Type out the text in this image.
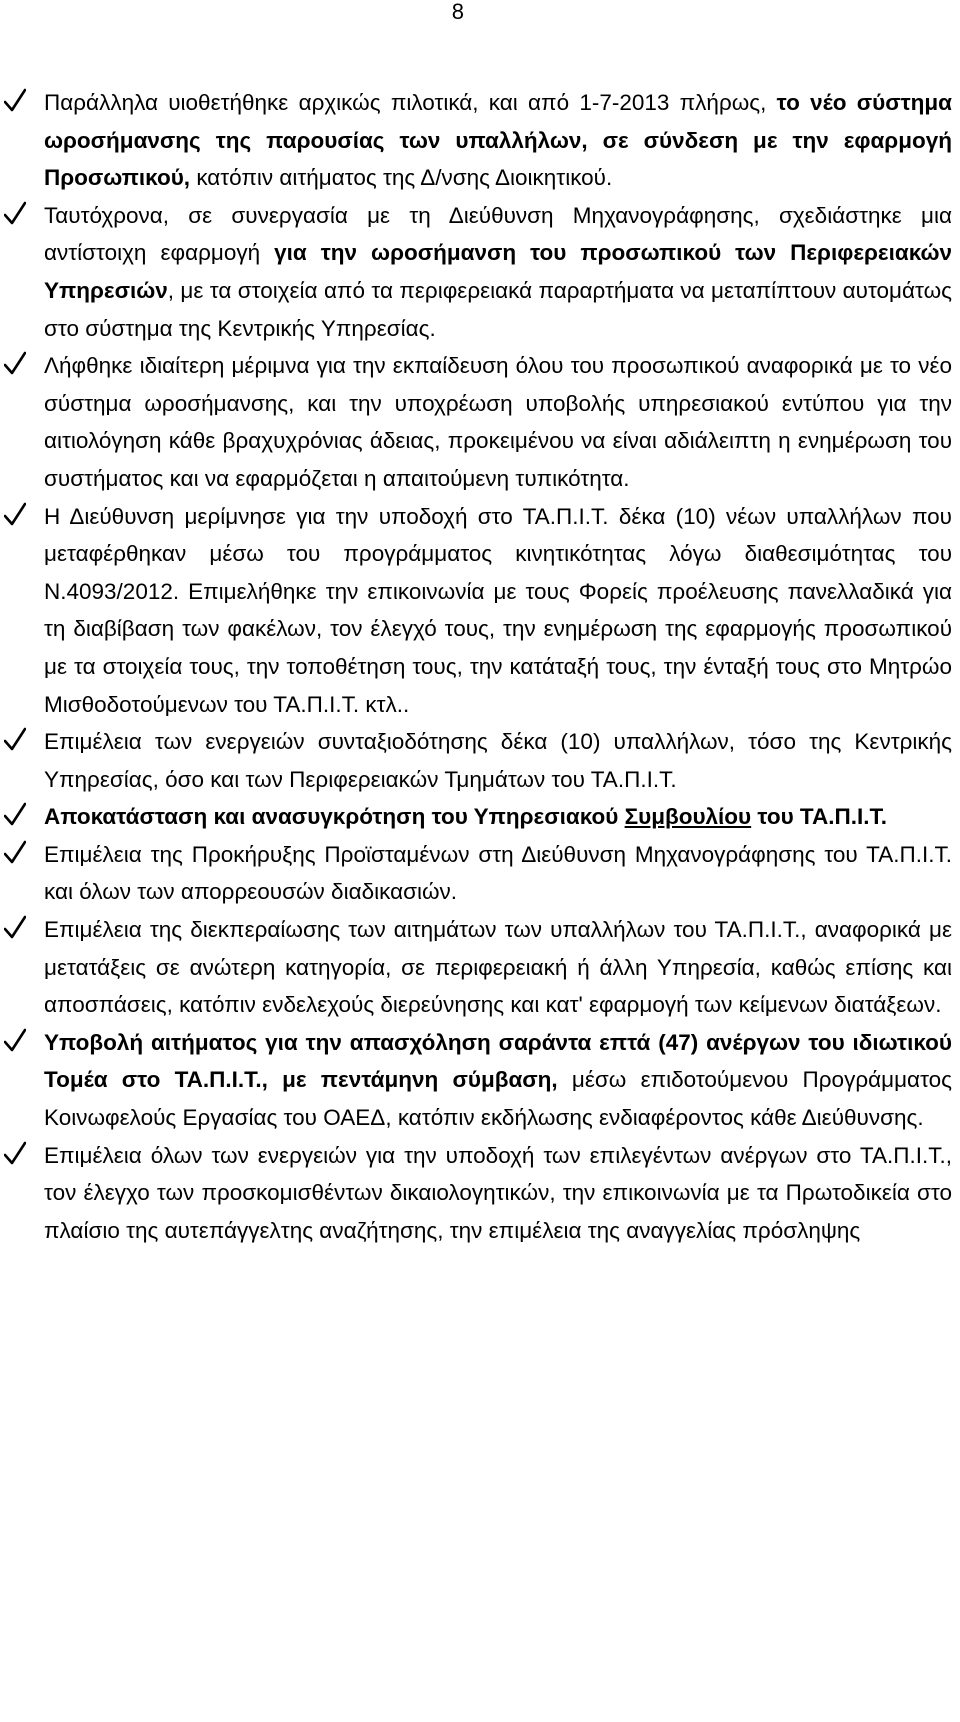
8
Παράλληλα υιοθετήθηκε αρχικώς πιλοτικά, και από 1-7-2013 πλήρως, το νέο σύστημα ωροσήμανσης της παρουσίας των υπαλλήλων, σε σύνδεση με την εφαρμογή Προσωπικού, κατόπιν αιτήματος της Δ/νσης Διοικητικού.
Ταυτόχρονα, σε συνεργασία με τη Διεύθυνση Μηχανογράφησης, σχεδιάστηκε μια αντίστοιχη εφαρμογή για την ωροσήμανση του προσωπικού των Περιφερειακών Υπηρεσιών, με τα στοιχεία από τα περιφερειακά παραρτήματα να μεταπίπτουν αυτομάτως στο σύστημα της Κεντρικής Υπηρεσίας.
Λήφθηκε ιδιαίτερη μέριμνα για την εκπαίδευση όλου του προσωπικού αναφορικά με το νέο σύστημα ωροσήμανσης, και την υποχρέωση υποβολής υπηρεσιακού εντύπου για την αιτιολόγηση κάθε βραχυχρόνιας άδειας, προκειμένου να είναι αδιάλειπτη η ενημέρωση του συστήματος και να εφαρμόζεται η απαιτούμενη τυπικότητα.
Η Διεύθυνση μερίμνησε για την υποδοχή στο ΤΑ.Π.Ι.Τ. δέκα (10) νέων υπαλλήλων που μεταφέρθηκαν μέσω του προγράμματος κινητικότητας λόγω διαθεσιμότητας του Ν.4093/2012. Επιμελήθηκε την επικοινωνία με τους Φορείς προέλευσης πανελλαδικά για τη διαβίβαση των φακέλων, τον έλεγχό τους, την ενημέρωση της εφαρμογής προσωπικού με τα στοιχεία τους, την τοποθέτηση τους, την κατάταξή τους, την ένταξή τους στο Μητρώο Μισθοδοτούμενων του ΤΑ.Π.Ι.Τ. κτλ..
Επιμέλεια των ενεργειών συνταξιοδότησης δέκα (10) υπαλλήλων, τόσο της Κεντρικής Υπηρεσίας, όσο και των Περιφερειακών Τμημάτων του ΤΑ.Π.Ι.Τ.
Αποκατάσταση και ανασυγκρότηση του Υπηρεσιακού Συμβουλίου του ΤΑ.Π.Ι.Τ.
Επιμέλεια της Προκήρυξης Προϊσταμένων στη Διεύθυνση Μηχανογράφησης του ΤΑ.Π.Ι.Τ. και όλων των απορρεουσών διαδικασιών.
Επιμέλεια της διεκπεραίωσης των αιτημάτων των υπαλλήλων του ΤΑ.Π.Ι.Τ., αναφορικά με μετατάξεις σε ανώτερη κατηγορία, σε περιφερειακή ή άλλη Υπηρεσία, καθώς επίσης και αποσπάσεις, κατόπιν ενδελεχούς διερεύνησης και κατ' εφαρμογή των κείμενων διατάξεων.
Υποβολή αιτήματος για την απασχόληση σαράντα επτά (47) ανέργων του ιδιωτικού Τομέα στο ΤΑ.Π.Ι.Τ., με πεντάμηνη σύμβαση, μέσω επιδοτούμενου Προγράμματος Κοινωφελούς Εργασίας του ΟΑΕΔ, κατόπιν εκδήλωσης ενδιαφέροντος κάθε Διεύθυνσης.
Επιμέλεια όλων των ενεργειών για την υποδοχή των επιλεγέντων ανέργων στο ΤΑ.Π.Ι.Τ., τον έλεγχο των προσκομισθέντων δικαιολογητικών, την επικοινωνία με τα Πρωτοδικεία στο πλαίσιο της αυτεπάγγελτης αναζήτησης, την επιμέλεια της αναγγελίας πρόσληψης
